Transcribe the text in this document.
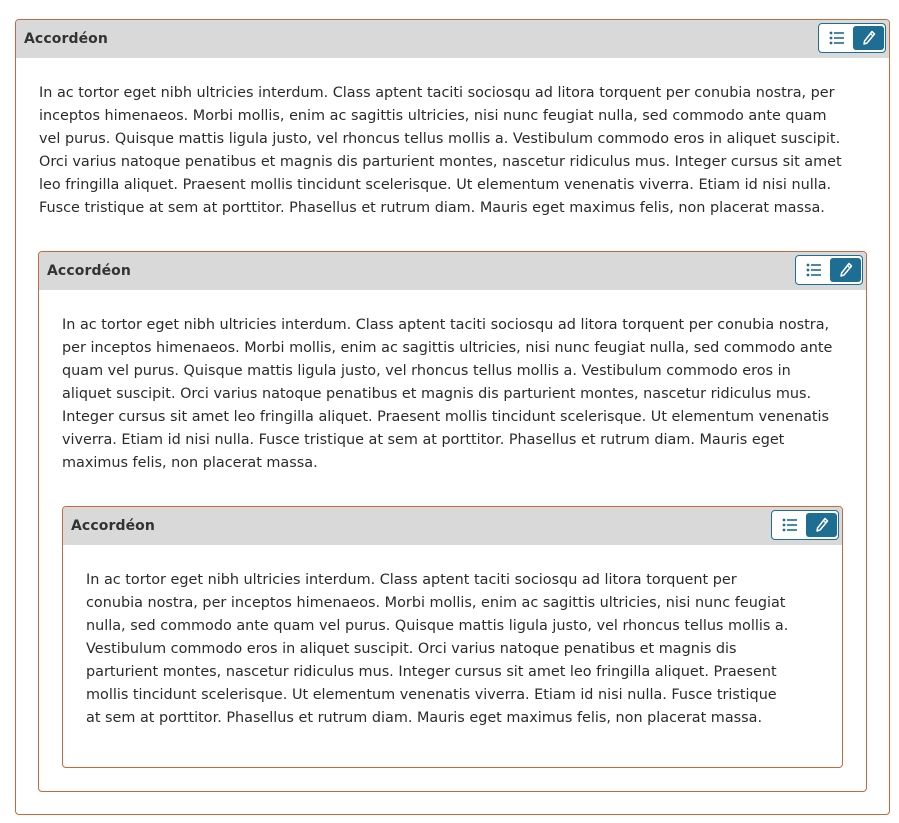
Accordéon

In ac tortor eget nibh ultricies interdum. Class aptent taciti sociosqu ad litora torquent per conubia nostra, per inceptos himenaeos. Morbi mollis, enim ac sagittis ultricies, nisi nunc feugiat nulla, sed commodo ante quam vel purus. Quisque mattis ligula justo, vel rhoncus tellus mollis a. Vestibulum commodo eros in aliquet suscipit. Orci varius natoque penatibus et magnis dis parturient montes, nascetur ridiculus mus. Integer cursus sit amet leo fringilla aliquet. Praesent mollis tincidunt scelerisque. Ut elementum venenatis viverra. Etiam id nisi nulla. Fusce tristique at sem at porttitor. Phasellus et rutrum diam. Mauris eget maximus felis, non placerat massa.

Accordéon

In ac tortor eget nibh ultricies interdum. Class aptent taciti sociosqu ad litora torquent per conubia nostra, per inceptos himenaeos. Morbi mollis, enim ac sagittis ultricies, nisi nunc feugiat nulla, sed commodo ante quam vel purus. Quisque mattis ligula justo, vel rhoncus tellus mollis a. Vestibulum commodo eros in aliquet suscipit. Orci varius natoque penatibus et magnis dis parturient montes, nascetur ridiculus mus. Integer cursus sit amet leo fringilla aliquet. Praesent mollis tincidunt scelerisque. Ut elementum venenatis viverra. Etiam id nisi nulla. Fusce tristique at sem at porttitor. Phasellus et rutrum diam. Mauris eget maximus felis, non placerat massa.

Accordéon

In ac tortor eget nibh ultricies interdum. Class aptent taciti sociosqu ad litora torquent per conubia nostra, per inceptos himenaeos. Morbi mollis, enim ac sagittis ultricies, nisi nunc feugiat nulla, sed commodo ante quam vel purus. Quisque mattis ligula justo, vel rhoncus tellus mollis a. Vestibulum commodo eros in aliquet suscipit. Orci varius natoque penatibus et magnis dis parturient montes, nascetur ridiculus mus. Integer cursus sit amet leo fringilla aliquet. Praesent mollis tincidunt scelerisque. Ut elementum venenatis viverra. Etiam id nisi nulla. Fusce tristique at sem at porttitor. Phasellus et rutrum diam. Mauris eget maximus felis, non placerat massa.
